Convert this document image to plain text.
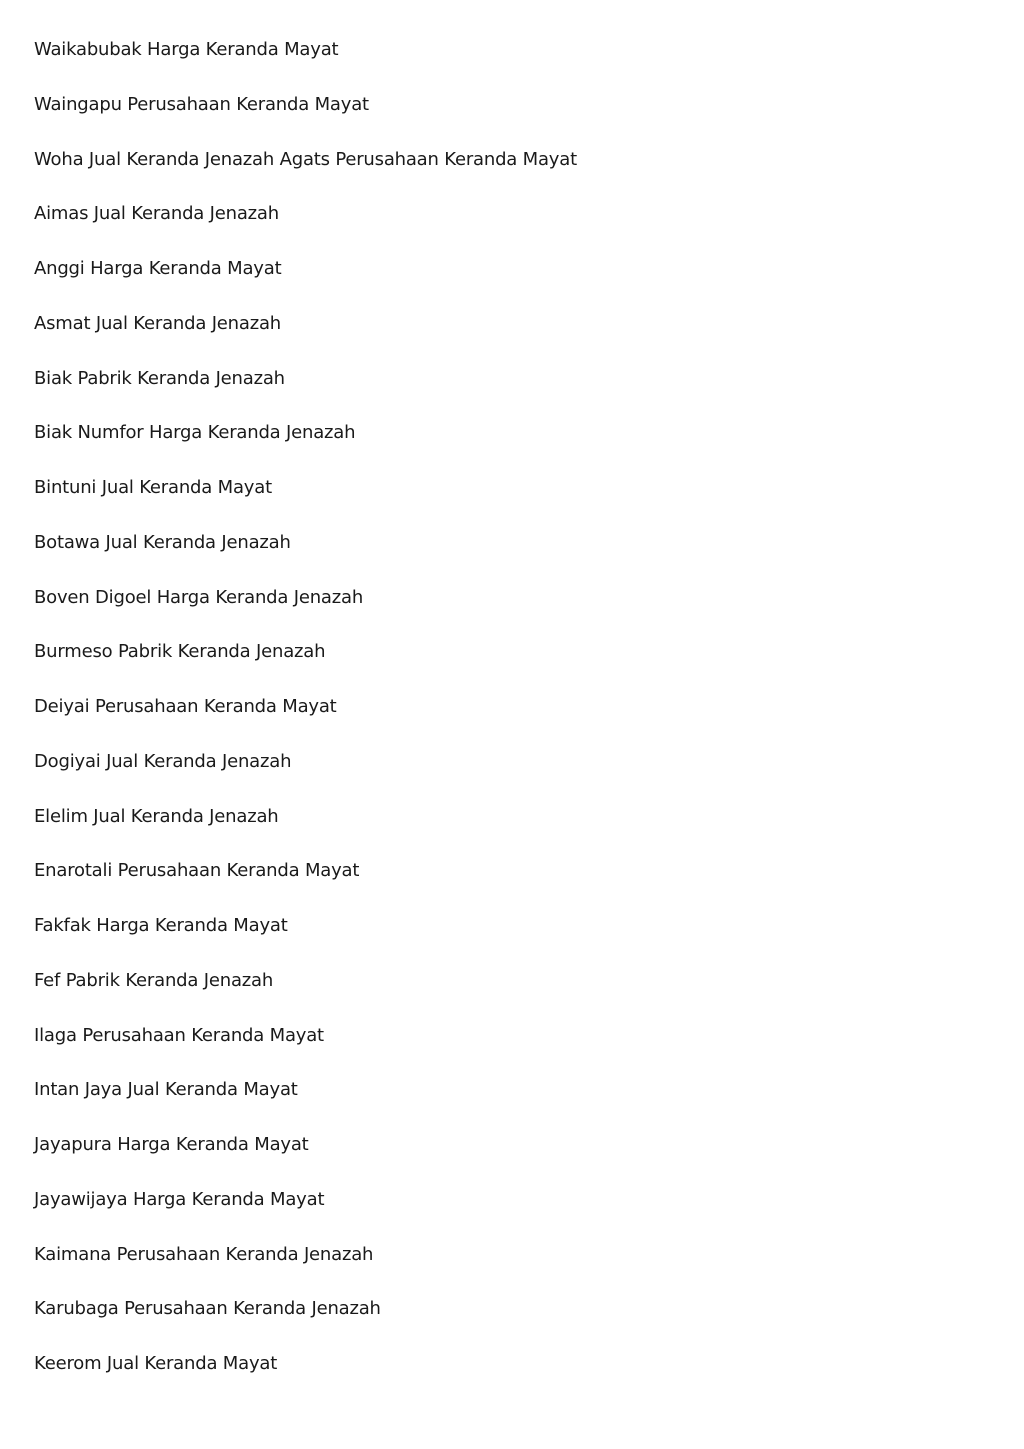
Waikabubak Harga Keranda Mayat
Waingapu Perusahaan Keranda Mayat
Woha Jual Keranda Jenazah Agats Perusahaan Keranda Mayat
Aimas Jual Keranda Jenazah
Anggi Harga Keranda Mayat
Asmat Jual Keranda Jenazah
Biak Pabrik Keranda Jenazah
Biak Numfor Harga Keranda Jenazah
Bintuni Jual Keranda Mayat
Botawa Jual Keranda Jenazah
Boven Digoel Harga Keranda Jenazah
Burmeso Pabrik Keranda Jenazah
Deiyai Perusahaan Keranda Mayat
Dogiyai Jual Keranda Jenazah
Elelim Jual Keranda Jenazah
Enarotali Perusahaan Keranda Mayat
Fakfak Harga Keranda Mayat
Fef Pabrik Keranda Jenazah
Ilaga Perusahaan Keranda Mayat
Intan Jaya Jual Keranda Mayat
Jayapura Harga Keranda Mayat
Jayawijaya Harga Keranda Mayat
Kaimana Perusahaan Keranda Jenazah
Karubaga Perusahaan Keranda Jenazah
Keerom Jual Keranda Mayat
